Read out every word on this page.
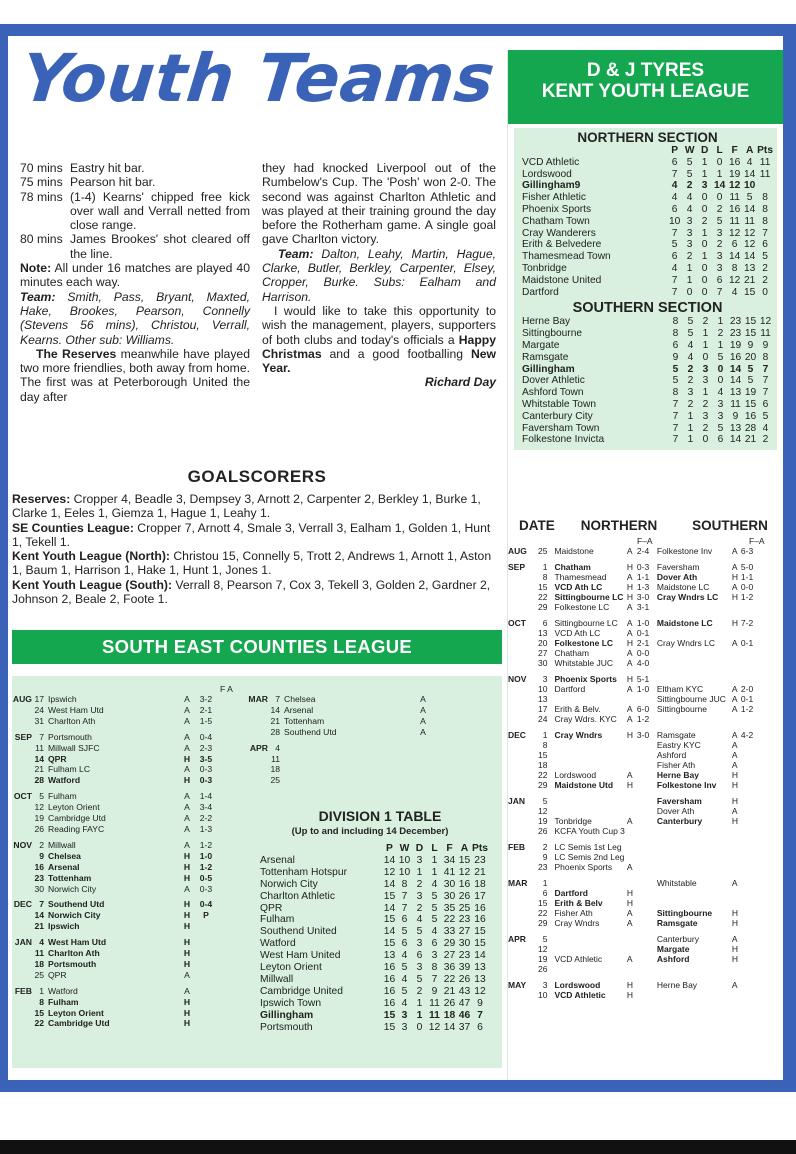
Youth Teams
70 mins Eastry hit bar.
75 mins Pearson hit bar.
78 mins (1-4) Kearns' chipped free kick over wall and Verrall netted from close range.
80 mins James Brookes' shot cleared off the line.

Note: All under 16 matches are played 40 minutes each way.

Team: Smith, Pass, Bryant, Maxted, Hake, Brookes, Pearson, Connelly (Stevens 56 mins), Christou, Verrall, Kearns. Other sub: Williams.

The Reserves meanwhile have played two more friendlies, both away from home. The first was at Peterborough United the day after

they had knocked Liverpool out of the Rumbelow's Cup. The 'Posh' won 2-0. The second was against Charlton Athletic and was played at their training ground the day before the Rotherham game. A single goal gave Charlton victory.

Team: Dalton, Leahy, Martin, Hague, Clarke, Butler, Berkley, Carpenter, Elsey, Cropper, Burke. Subs: Ealham and Harrison.

I would like to take this opportunity to wish the management, players, supporters of both clubs and today's officials a Happy Christmas and a good footballing New Year.

Richard Day

GOALSCORERS

Reserves: Cropper 4, Beadle 3, Dempsey 3, Arnott 2, Carpenter 2, Berkley 1, Burke 1, Clarke 1, Eeles 1, Giemza 1, Hague 1, Leahy 1.

SE Counties League: Cropper 7, Arnott 4, Smale 3, Verrall 3, Ealham 1, Golden 1, Hunt 1, Tekell 1.

Kent Youth League (North): Christou 15, Connelly 5, Trott 2, Andrews 1, Arnott 1, Aston 1, Baum 1, Harrison 1, Hake 1, Hunt 1, Jones 1.

Kent Youth League (South): Verrall 8, Pearson 7, Cox 3, Tekell 3, Golden 2, Gardner 2, Johnson 2, Beale 2, Foote 1.

SOUTH EAST COUNTIES LEAGUE
F A
AUG	17	Ipswich	A	3-2
	24	West Ham Utd	A	2-1
	31	Charlton Ath	A	1-5
SEP	7	Portsmouth	A	0-4
	11	Millwall SJFC	A	2-3
	14	QPR	H	3-5
	21	Fulham LC	A	0-3
	28	Watford	H	0-3
OCT	5	Fulham	A	1-4
	12	Leyton Orient	A	3-4
	19	Cambridge Utd	A	2-2
	26	Reading FAYC	A	1-3
NOV	2	Millwall	A	1-2
	9	Chelsea	H	1-0
	16	Arsenal	H	1-2
	23	Tottenham	H	0-5
	30	Norwich City	A	0-3
DEC	7	Southend Utd	H	0-4
	14	Norwich City	H	P
	21	Ipswich	H	
JAN	4	West Ham Utd	H	
	11	Charlton Ath	H	
	18	Portsmouth	H	
	25	QPR	A	
FEB	1	Watford	A	
	8	Fulham	H	
	15	Leyton Orient	H	
	22	Cambridge Utd	H	
MAR	7	Chelsea	A
	14	Arsenal	A
	21	Tottenham	A
	28	Southend Utd	A
APR	4		
	11		
	18		
	25		
DIVISION 1 TABLE
(Up to and including 14 December)
	P	W	D	L	F	A	Pts
Arsenal	14	10	3	1	34	15	23
Tottenham Hotspur	12	10	1	1	41	12	21
Norwich City	14	8	2	4	30	16	18
Charlton Athletic	15	7	3	5	30	26	17
QPR	14	7	2	5	35	25	16
Fulham	15	6	4	5	22	23	16
Southend United	14	5	5	4	33	27	15
Watford	15	6	3	6	29	30	15
West Ham United	13	4	6	3	27	23	14
Leyton Orient	16	5	3	8	36	39	13
Millwall	16	4	5	7	22	26	13
Cambridge United	16	5	2	9	21	43	12
Ipswich Town	16	4	1	11	26	47	9
Gillingham	15	3	1	11	18	46	7
Portsmouth	15	3	0	12	14	37	6
D & J TYRES
KENT YOUTH LEAGUE
NORTHERN SECTION
	P	W	D	L	F	A	Pts
VCD Athletic	6	5	1	0	16	4	11
Lordswood	7	5	1	1	19	14	11
Gillingham9	4	2	3	14	12	10	
Fisher Athletic	4	4	0	0	11	5	8
Phoenix Sports	6	4	0	2	16	14	8
Chatham Town	10	3	2	5	11	11	8
Cray Wanderers	7	3	1	3	12	12	7
Erith & Belvedere	5	3	0	2	6	12	6
Thamesmead Town	6	2	1	3	14	14	5
Tonbridge	4	1	0	3	8	13	2
Maidstone United	7	1	0	6	12	21	2
Dartford	7	0	0	7	4	15	0
SOUTHERN SECTION
Herne Bay	8	5	2	1	23	15	12
Sittingbourne	8	5	1	2	23	15	11
Margate	6	4	1	1	19	9	9
Ramsgate	9	4	0	5	16	20	8
Gillingham	5	2	3	0	14	5	7
Dover Athletic	5	2	3	0	14	5	7
Ashford Town	8	3	1	4	13	19	7
Whitstable Town	7	2	2	3	11	15	6
Canterbury City	7	1	3	3	9	16	5
Faversham Town	7	1	2	5	13	28	4
Folkestone Invicta	7	1	0	6	14	21	2
DATE	NORTHERN	SOUTHERN
F–A	F–A
AUG	25	Maidstone	A	2-4	Folkestone Inv	A	6-3
SEP	1	Chatham	H	0-3	Faversham	A	5-0
	8	Thamesmead	A	1-1	Dover Ath	H	1-1
	15	VCD Ath LC	H	1-3	Maidstone LC	A	0-0
	22	Sittingbourne LC	H	3-0	Cray Wndrs LC	H	1-2
	29	Folkestone LC	A	3-1			
OCT	6	Sittingbourne LC	A	1-0	Maidstone LC	H	7-2
	13	VCD Ath LC	A	0-1			
	20	Folkestone LC	H	2-1	Cray Wndrs LC	A	0-1
	27	Chatham	A	0-0			
	30	Whitstable JUC	A	4-0			
NOV	3	Phoenix Sports	H	5-1			
	10	Dartford	A	1-0	Eltham KYC	A	2-0
	13				Sittingbourne JUC	A	0-1
	17	Erith & Belv.	A	6-0	Sittingbourne	A	1-2
	24	Cray Wdrs. KYC	A	1-2			
DEC	1	Cray Wndrs	H	3-0	Ramsgate	A	4-2
	8				Eastry KYC	A	
	15				Ashford	A	
	18				Fisher Ath	A	
	22	Lordswood	A		Herne Bay	H	
	29	Maidstone Utd	H		Folkestone Inv	H	
JAN	5				Faversham	H	
	12				Dover Ath	A	
	19	Tonbridge	A		Canterbury	H	
	26	KCFA Youth Cup 3					
FEB	2	LC Semis 1st Leg					
	9	LC Semis 2nd Leg					
	23	Phoenix Sports	A				
MAR	1				Whitstable	A	
	6	Dartford	H				
	15	Erith & Belv	H				
	22	Fisher Ath	A		Sittingbourne	H	
	29	Cray Wndrs	A		Ramsgate	H	
APR	5				Canterbury	A	
	12				Margate	H	
	19	VCD Athletic	A		Ashford	H	
	26						
MAY	3	Lordswood	H		Herne Bay	A	
	10	VCD Athletic	H				
